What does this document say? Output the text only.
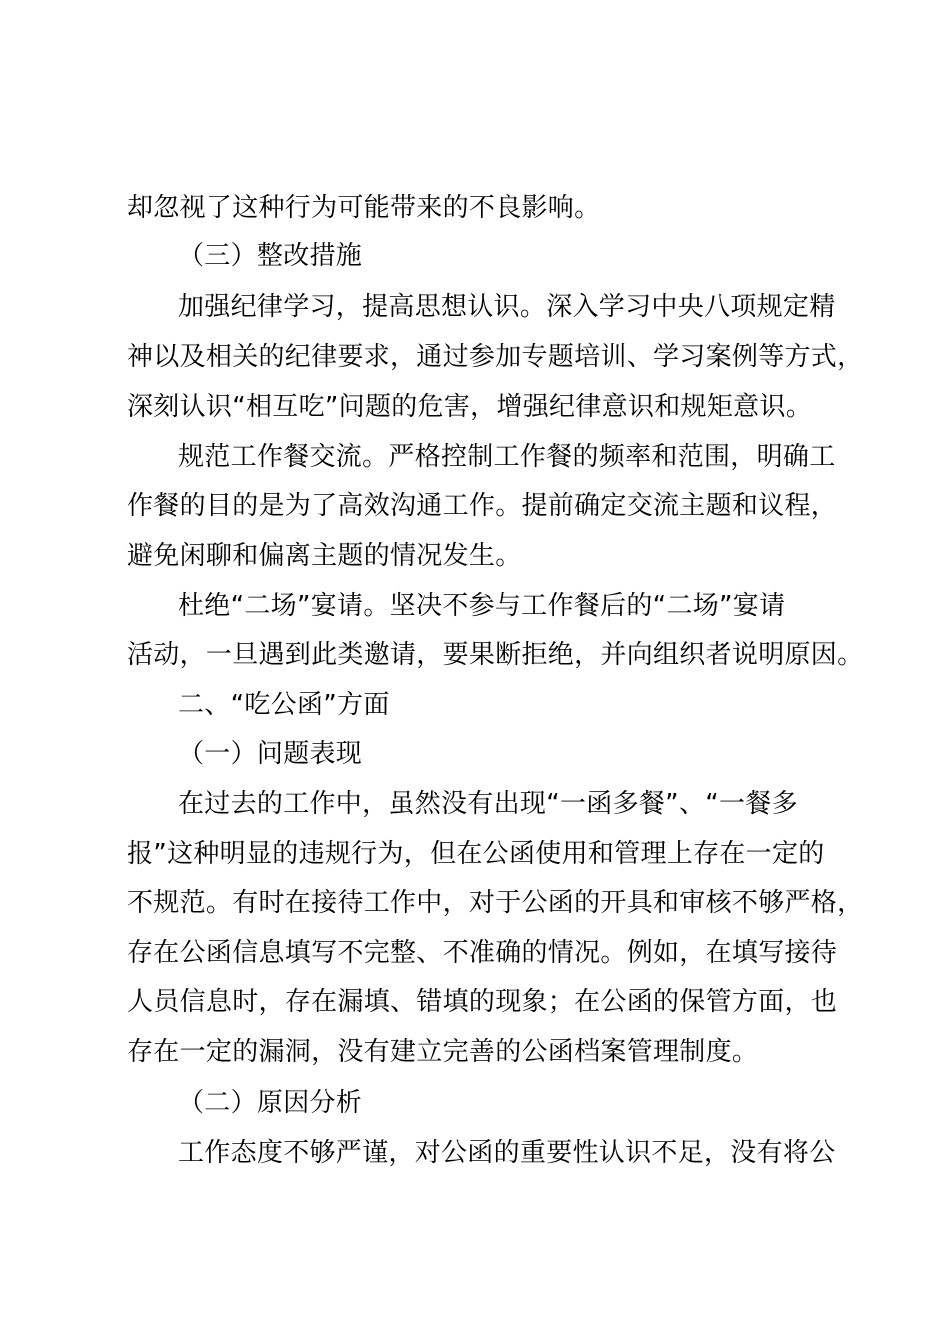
却忽视了这种行为可能带来的不良影响。
（三）整改措施
加强纪律学习，提高思想认识。深入学习中央八项规定精
神以及相关的纪律要求，通过参加专题培训、学习案例等方式，
深刻认识“相互吃”问题的危害，增强纪律意识和规矩意识。
规范工作餐交流。严格控制工作餐的频率和范围，明确工
作餐的目的是为了高效沟通工作。提前确定交流主题和议程，
避免闲聊和偏离主题的情况发生。
杜绝“二场”宴请。坚决不参与工作餐后的“二场”宴请
活动，一旦遇到此类邀请，要果断拒绝，并向组织者说明原因。
二、“吃公函”方面
（一）问题表现
在过去的工作中，虽然没有出现“一函多餐”、“一餐多
报”这种明显的违规行为，但在公函使用和管理上存在一定的
不规范。有时在接待工作中，对于公函的开具和审核不够严格，
存在公函信息填写不完整、不准确的情况。例如，在填写接待
人员信息时，存在漏填、错填的现象；在公函的保管方面，也
存在一定的漏洞，没有建立完善的公函档案管理制度。
（二）原因分析
工作态度不够严谨，对公函的重要性认识不足，没有将公
